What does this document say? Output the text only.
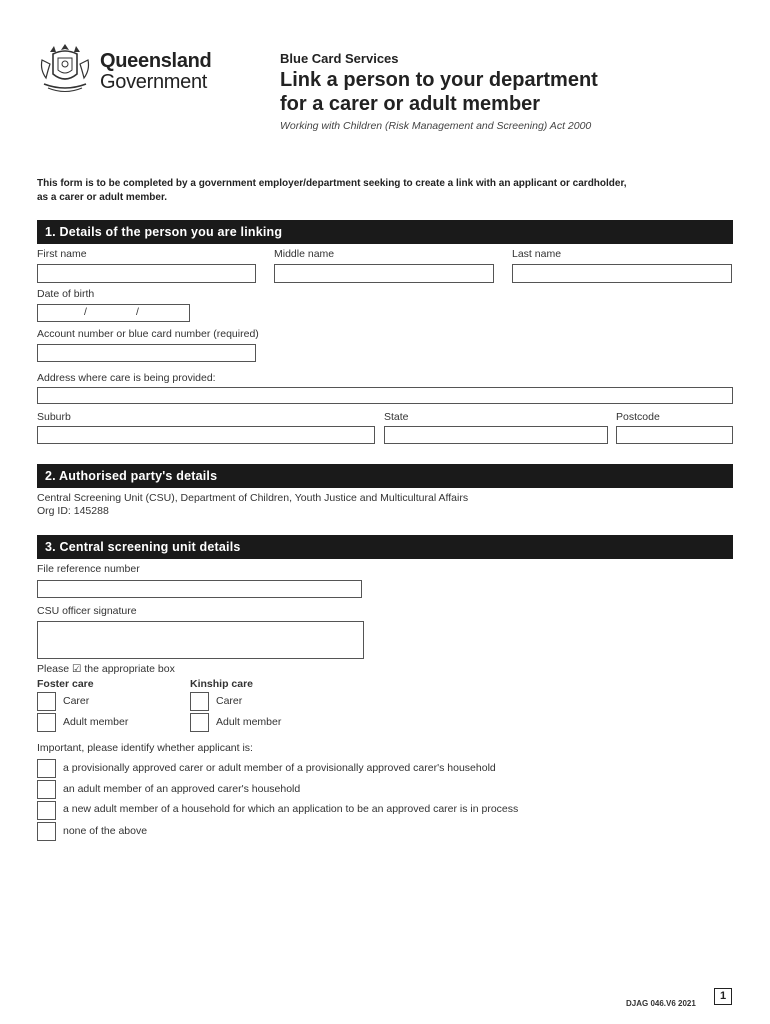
Queensland
Government
Blue Card Services
Link a person to your department
for a carer or adult member
Working with Children (Risk Management and Screening) Act 2000
This form is to be completed by a government employer/department seeking to create a link with an applicant or cardholder,
as a carer or adult member.
1. Details of the person you are linking
First name	Middle name	Last name
Date of birth
/	/
Account number or blue card number (required)
Address where care is being provided:
Suburb	State	Postcode
2. Authorised party's details
Central Screening Unit (CSU), Department of Children, Youth Justice and Multicultural Affairs
Org ID: 145288
3. Central screening unit details
File reference number
CSU officer signature
Please ☑ the appropriate box
Foster care	Kinship care
Carer	Carer
Adult member	Adult member
Important, please identify whether applicant is:
a provisionally approved carer or adult member of a provisionally approved carer's household
an adult member of an approved carer's household
a new adult member of a household for which an application to be an approved carer is in process
none of the above
DJAG 046.V6 2021
1
